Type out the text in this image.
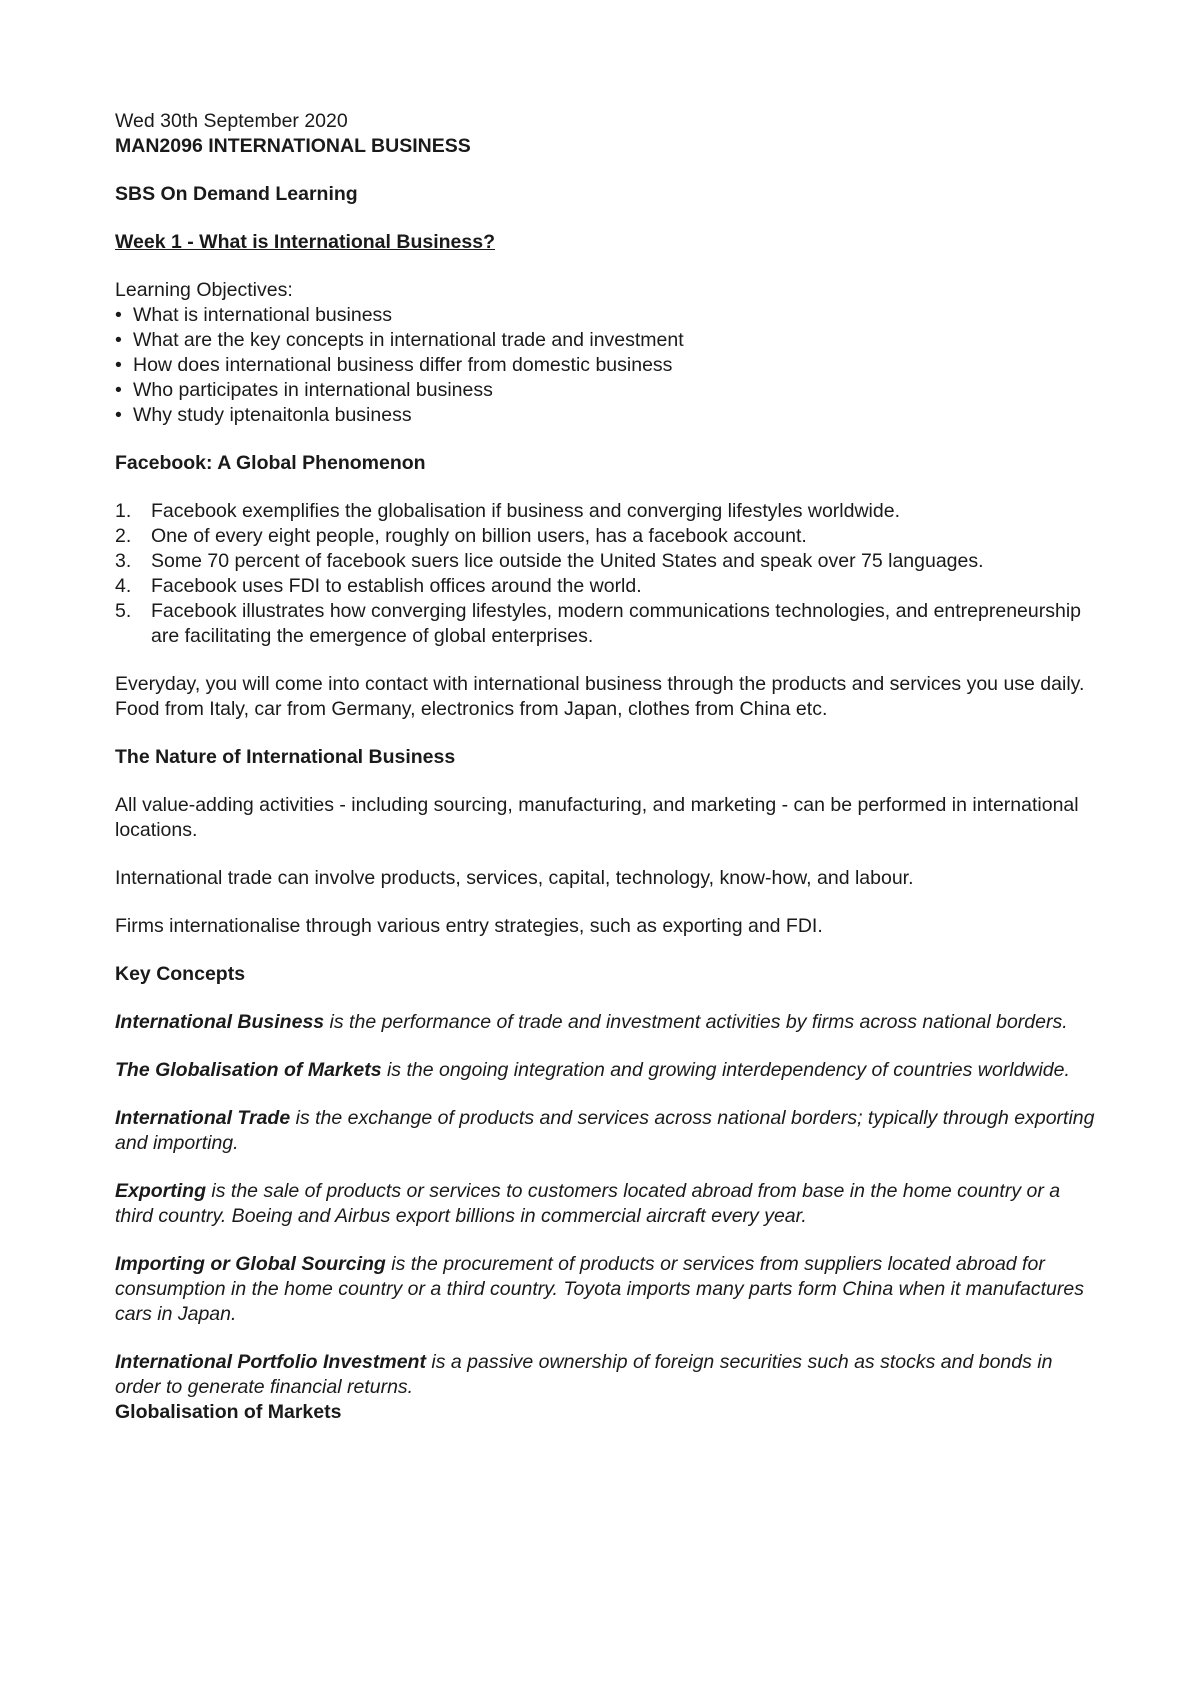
Wed 30th September 2020

MAN2096 INTERNATIONAL BUSINESS

SBS On Demand Learning

Week 1 - What is International Business?

Learning Objectives:

• What is international business
• What are the key concepts in international trade and investment
• How does international business differ from domestic business
• Who participates in international business
• Why study iptenaitonla business

Facebook: A Global Phenomenon

1. Facebook exemplifies the globalisation if business and converging lifestyles worldwide.
2. One of every eight people, roughly on billion users, has a facebook account.
3. Some 70 percent of facebook suers lice outside the United States and speak over 75 languages.
4. Facebook uses FDI to establish offices around the world.
5. Facebook illustrates how converging lifestyles, modern communications technologies, and entrepreneurship are facilitating the emergence of global enterprises.

Everyday, you will come into contact with international business through the products and services you use daily. Food from Italy, car from Germany, electronics from Japan, clothes from China etc.

The Nature of International Business

All value-adding activities - including sourcing, manufacturing, and marketing - can be performed in international locations.

International trade can involve products, services, capital, technology, know-how, and labour.

Firms internationalise through various entry strategies, such as exporting and FDI.

Key Concepts

International Business is the performance of trade and investment activities by firms across national borders.

The Globalisation of Markets is the ongoing integration and growing interdependency of countries worldwide.

International Trade is the exchange of products and services across national borders; typically through exporting and importing.

Exporting is the sale of products or services to customers located abroad from base in the home country or a third country. Boeing and Airbus export billions in commercial aircraft every year.

Importing or Global Sourcing is the procurement of products or services from suppliers located abroad for consumption in the home country or a third country. Toyota imports many parts form China when it manufactures cars in Japan.

International Portfolio Investment is a passive ownership of foreign securities such as stocks and bonds in order to generate financial returns.

Globalisation of Markets
